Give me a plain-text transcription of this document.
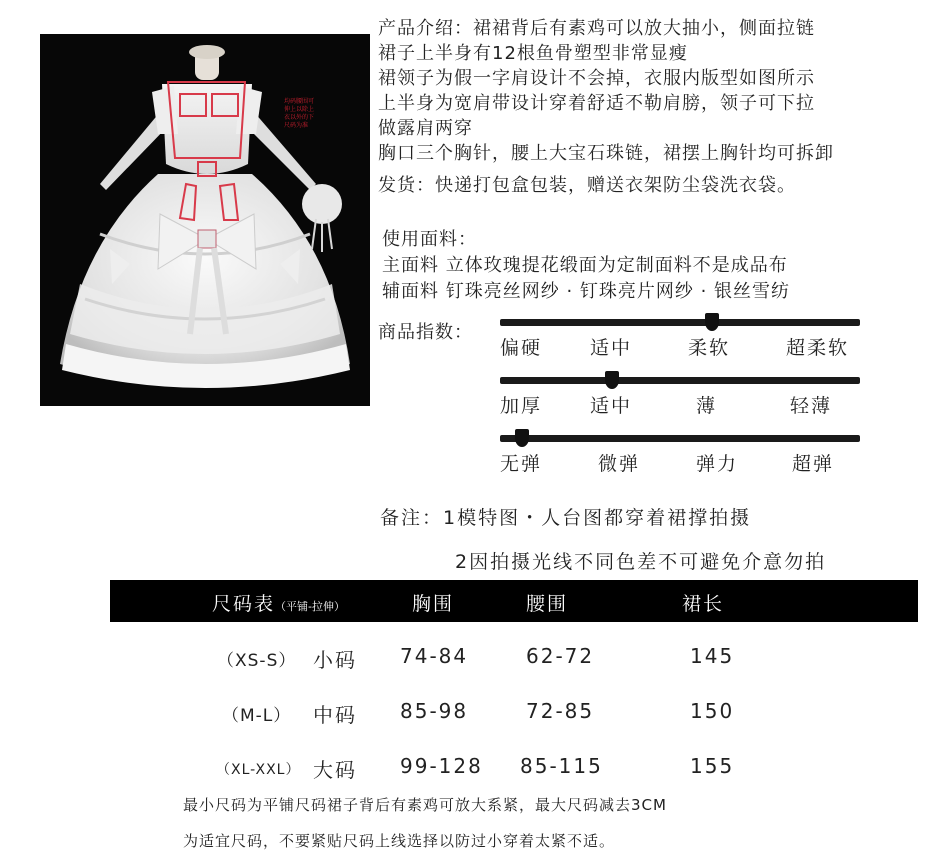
均码腰围可伸上以除上衣以外的下尺码为准

产品介绍：裙裙背后有素鸡可以放大抽小，侧面拉链

裙子上半身有12根鱼骨塑型非常显瘦

裙领子为假一字肩设计不会掉，衣服内版型如图所示

上半身为宽肩带设计穿着舒适不勒肩膀，领子可下拉

做露肩两穿

胸口三个胸针，腰上大宝石珠链，裙摆上胸针均可拆卸

发货：快递打包盒包装，赠送衣架防尘袋洗衣袋。

使用面料：

主面料 立体玫瑰提花缎面为定制面料不是成品布

辅面料 钉珠亮丝网纱 · 钉珠亮片网纱 · 银丝雪纺

商品指数：
偏硬	适中	柔软	超柔软
加厚	适中	薄	轻薄
无弹	微弹	弹力	超弹
备注：1模特图・人台图都穿着裙撑拍摄
2因拍摄光线不同色差不可避免介意勿拍
尺码表（平铺-拉伸）	胸围	腰围	裙长
（XS-S） 小码 74-84	62-72	145
（M-L） 中码 85-98	72-85	150
（XL-XXL） 大码 99-128 85-115	155
最小尺码为平铺尺码裙子背后有素鸡可放大系紧，最大尺码减去3CM
为适宜尺码，不要紧贴尺码上线选择以防过小穿着太紧不适。
